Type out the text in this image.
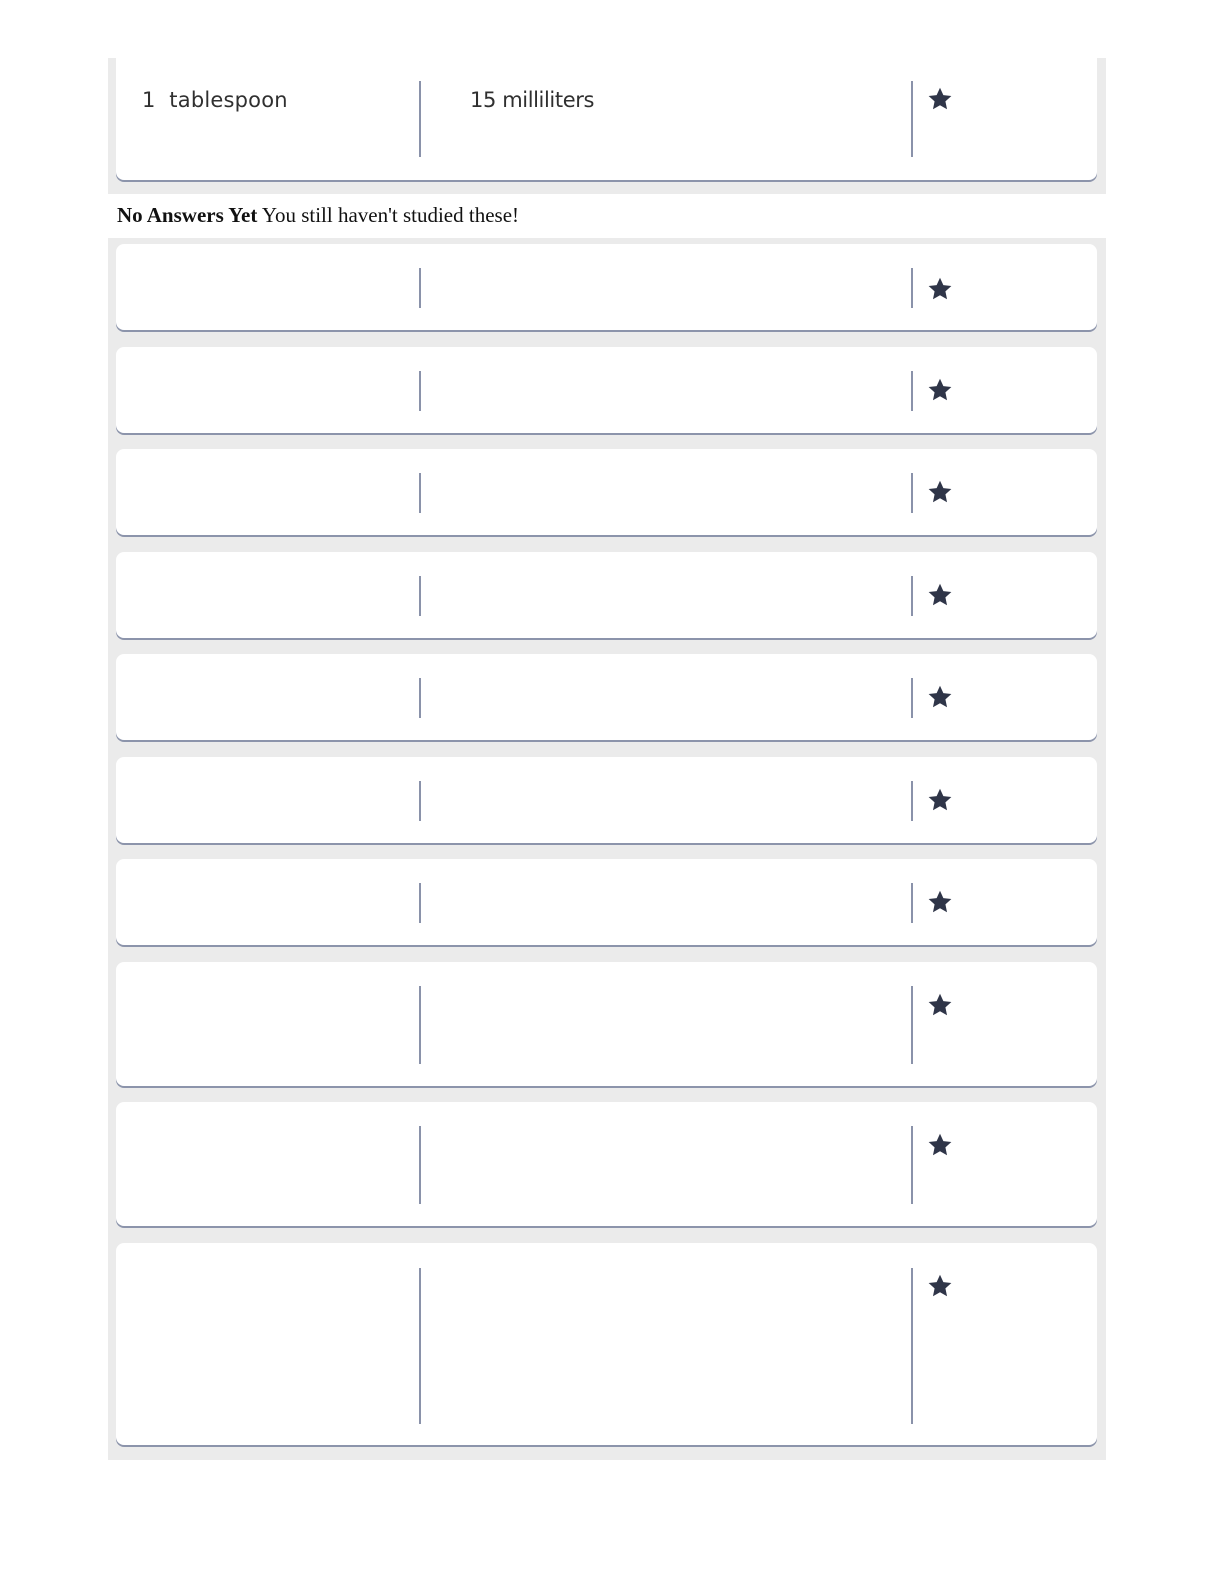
1  tablespoon	15 milliliters
No Answers Yet You still haven't studied these!
